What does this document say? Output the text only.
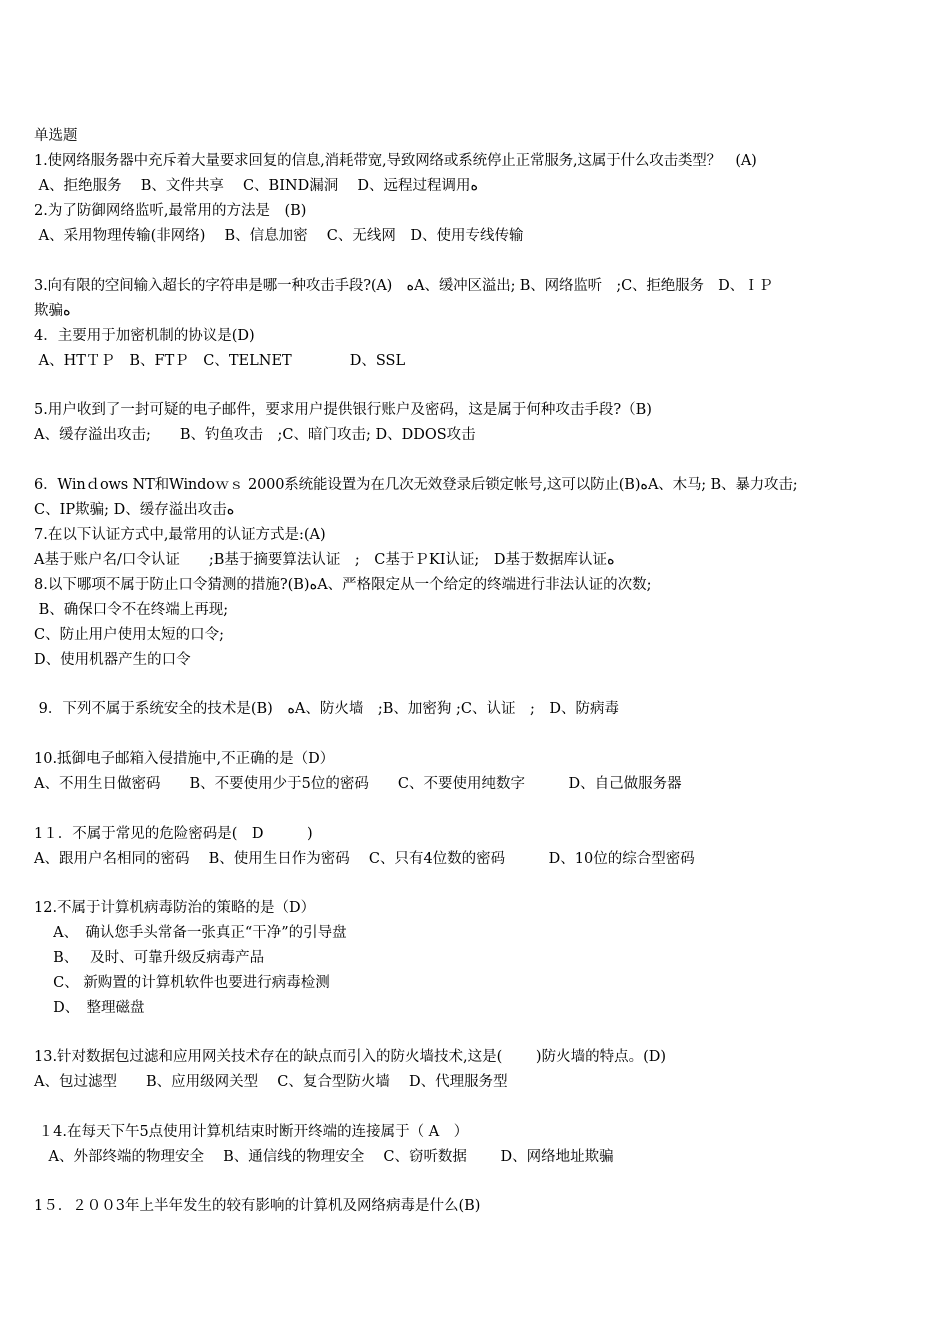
单选题
1.使网络服务器中充斥着大量要求回复的信息,消耗带宽,导致网络或系统停止正常服务,这属于什么攻击类型？　(A)
A、拒绝服务　 B、文件共享　 C、BIND漏洞　 D、远程过程调用ه
2.为了防御网络监听,最常用的方法是　(B)
A、采用物理传输(非网络)　 B、信息加密　 C、无线网　D、使用专线传输
3.向有限的空间输入超长的字符串是哪一种攻击手段?(A)　هA、缓冲区溢出; B、网络监听　;C、拒绝服务　D、ＩＰ
欺骗ه
4．主要用于加密机制的协议是(D)
A、HTＴＰ　B、FTＰ　C、TELNET　　　　D、SSL
5.用户收到了一封可疑的电子邮件，要求用户提供银行账户及密码，这是属于何种攻击手段?（B)
A、缓存溢出攻击;　　B、钓鱼攻击　;C、暗门攻击; D、DDOS攻击
6．Winｄows NT和Windoｗｓ 2000系统能设置为在几次无效登录后锁定帐号,这可以防止(B)هA、木马; B、暴力攻击;
C、IP欺骗; D、缓存溢出攻击ه
7.在以下认证方式中,最常用的认证方式是:(A)
A基于账户名/口令认证　　;B基于摘要算法认证　;　C基于ＰKI认证;　D基于数据库认证ه
8.以下哪项不属于防止口令猜测的措施?(B)هA、严格限定从一个给定的终端进行非法认证的次数;
B、确保口令不在终端上再现;
C、防止用户使用太短的口令;
D、使用机器产生的口令
9．下列不属于系统安全的技术是(B)　هA、防火墙　;B、加密狗 ;C、认证　;　D、防病毒
10.抵御电子邮箱入侵措施中,不正确的是（D）
A、不用生日做密码　　B、不要使用少于5位的密码　　C、不要使用纯数字　　　D、自己做服务器
1１．不属于常见的危险密码是(　D　　　)
A、跟用户名相同的密码　 B、使用生日作为密码　 C、只有4位数的密码　　　D、10位的综合型密码
12.不属于计算机病毒防治的策略的是（D）
　 A、　确认您手头常备一张真正“干净”的引导盘
　 B、　 及时、可靠升级反病毒产品
　 C、 新购置的计算机软件也要进行病毒检测
　 D、　整理磁盘
13.针对数据包过滤和应用网关技术存在的缺点而引入的防火墙技术,这是(　　 )防火墙的特点。(D)
A、包过滤型　　B、应用级网关型　 C、复合型防火墙　 D、代理服务型
１4.在每天下午5点使用计算机结束时断开终端的连接属于（ A　）
　A、外部终端的物理安全　 B、通信线的物理安全　 C、窃听数据　　 D、网络地址欺骗
1５．２００3年上半年发生的较有影响的计算机及网络病毒是什么(B)
